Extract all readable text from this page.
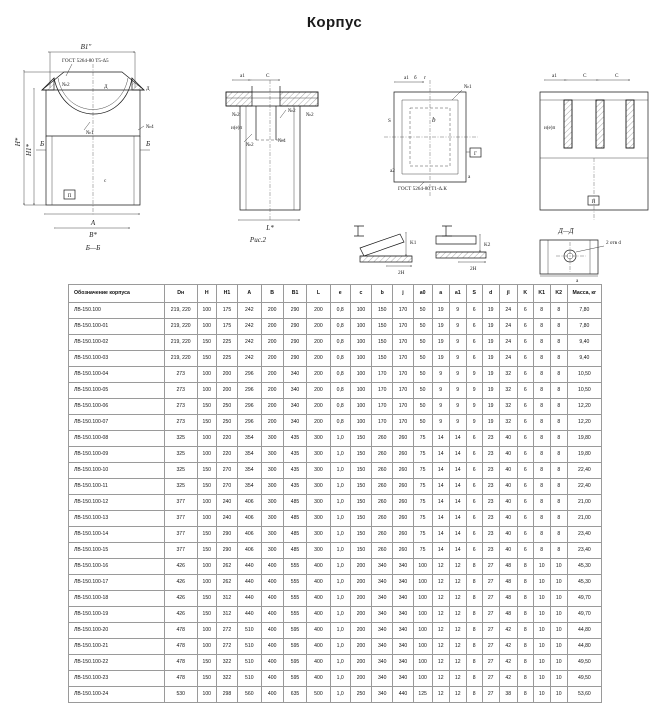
Корпус
B1"
ГОСТ 5264-80 Т5-Δ5
№2	Д	Д
№4
№1
П
H*
H1* Б	Б
A
B*
Б—Б
c
a1	C
№2
№2
№2
и(е)п
№2
№4
L*
Рис.2
a1 б г
№1
S	b
a2
a
ГОСТ 5264-80 Т1-Δ.К
Г
a1	C	C
и(е)п
П
K1
2H
K2
2H
Д—Д
2 отв d
a
Обозначение корпуса	Dн	H	H1	A	B	B1	L	e	c	b	j	a0	a	a1	S	d	jl	K	K1	K2	Масса, кг
ЛВ-150.100	219, 220	100	175	242	200	290	200	0,8	100	150	170	50	19	9	6	19	24	6	8	8	7,80
ЛВ-150.100-01	219, 220	100	175	242	200	290	200	0,8	100	150	170	50	19	9	6	19	24	6	8	8	7,80
ЛВ-150.100-02	219, 220	150	225	242	200	290	200	0,8	100	150	170	50	19	9	6	19	24	6	8	8	9,40
ЛВ-150.100-03	219, 220	150	225	242	200	290	200	0,8	100	150	170	50	19	9	6	19	24	6	8	8	9,40
ЛВ-150.100-04	273	100	200	296	200	340	200	0,8	100	170	170	50	9	9	9	19	32	6	8	8	10,50
ЛВ-150.100-05	273	100	200	296	200	340	200	0,8	100	170	170	50	9	9	9	19	32	6	8	8	10,50
ЛВ-150.100-06	273	150	250	296	200	340	200	0,8	100	170	170	50	9	9	9	19	32	6	8	8	12,20
ЛВ-150.100-07	273	150	250	296	200	340	200	0,8	100	170	170	50	9	9	9	19	32	6	8	8	12,20
ЛВ-150.100-08	325	100	220	354	300	435	300	1,0	150	260	260	75	14	14	6	23	40	6	8	8	19,80
ЛВ-150.100-09	325	100	220	354	300	435	300	1,0	150	260	260	75	14	14	6	23	40	6	8	8	19,80
ЛВ-150.100-10	325	150	270	354	300	435	300	1,0	150	260	260	75	14	14	6	23	40	6	8	8	22,40
ЛВ-150.100-11	325	150	270	354	300	435	300	1,0	150	260	260	75	14	14	6	23	40	6	8	8	22,40
ЛВ-150.100-12	377	100	240	406	300	485	300	1,0	150	260	260	75	14	14	6	23	40	6	8	8	21,00
ЛВ-150.100-13	377	100	240	406	300	485	300	1,0	150	260	260	75	14	14	6	23	40	6	8	8	21,00
ЛВ-150.100-14	377	150	290	406	300	485	300	1,0	150	260	260	75	14	14	6	23	40	6	8	8	23,40
ЛВ-150.100-15	377	150	290	406	300	485	300	1,0	150	260	260	75	14	14	6	23	40	6	8	8	23,40
ЛВ-150.100-16	426	100	262	440	400	555	400	1,0	200	340	340	100	12	12	8	27	48	8	10	10	45,30
ЛВ-150.100-17	426	100	262	440	400	555	400	1,0	200	340	340	100	12	12	8	27	48	8	10	10	45,30
ЛВ-150.100-18	426	150	312	440	400	555	400	1,0	200	340	340	100	12	12	8	27	48	8	10	10	49,70
ЛВ-150.100-19	426	150	312	440	400	555	400	1,0	200	340	340	100	12	12	8	27	48	8	10	10	49,70
ЛВ-150.100-20	478	100	272	510	400	595	400	1,0	200	340	340	100	12	12	8	27	42	8	10	10	44,80
ЛВ-150.100-21	478	100	272	510	400	595	400	1,0	200	340	340	100	12	12	8	27	42	8	10	10	44,80
ЛВ-150.100-22	478	150	322	510	400	595	400	1,0	200	340	340	100	12	12	8	27	42	8	10	10	49,50
ЛВ-150.100-23	478	150	322	510	400	595	400	1,0	200	340	340	100	12	12	8	27	42	8	10	10	49,50
ЛВ-150.100-24	530	100	298	560	400	635	500	1,0	250	340	440	125	12	12	8	27	38	8	10	10	53,60
